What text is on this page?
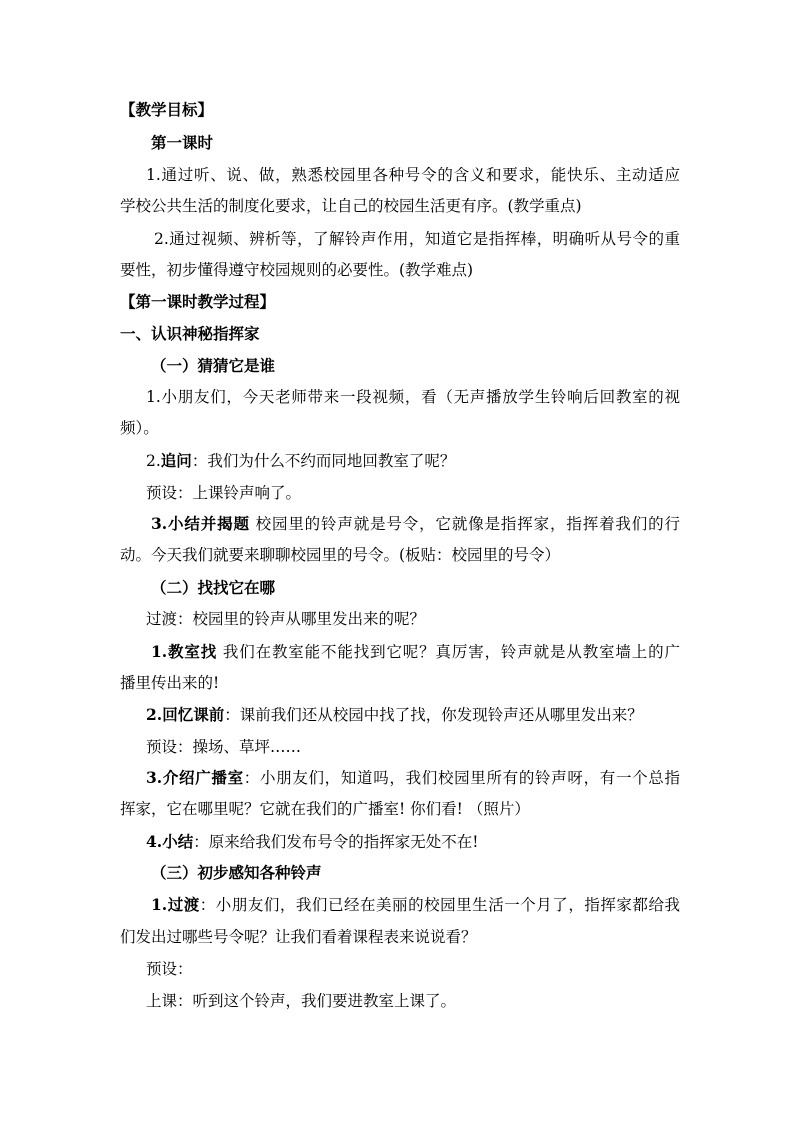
【教学目标】
第一课时
1.通过听、说、做，熟悉校园里各种号令的含义和要求，能快乐、主动适应
学校公共生活的制度化要求，让自己的校园生活更有序。(教学重点)
2.通过视频、辨析等，了解铃声作用，知道它是指挥棒，明确听从号令的重
要性，初步懂得遵守校园规则的必要性。(教学难点)
【第一课时教学过程】
一、认识神秘指挥家
（一）猜猜它是谁
1.小朋友们，今天老师带来一段视频，看（无声播放学生铃响后回教室的视
频）。
2.追问：我们为什么不约而同地回教室了呢？
预设：上课铃声响了。
3.小结并揭题 校园里的铃声就是号令，它就像是指挥家，指挥着我们的行
动。今天我们就要来聊聊校园里的号令。(板贴：校园里的号令）
（二）找找它在哪
过渡：校园里的铃声从哪里发出来的呢？
1.教室找 我们在教室能不能找到它呢？真厉害，铃声就是从教室墙上的广
播里传出来的!
2.回忆课前：课前我们还从校园中找了找，你发现铃声还从哪里发出来？
预设：操场、草坪……
3.介绍广播室：小朋友们，知道吗，我们校园里所有的铃声呀，有一个总指
挥家，它在哪里呢？它就在我们的广播室! 你们看! （照片）
4.小结：原来给我们发布号令的指挥家无处不在!
（三）初步感知各种铃声
1.过渡：小朋友们，我们已经在美丽的校园里生活一个月了，指挥家都给我
们发出过哪些号令呢？让我们看着课程表来说说看？
预设：
上课：听到这个铃声，我们要进教室上课了。
